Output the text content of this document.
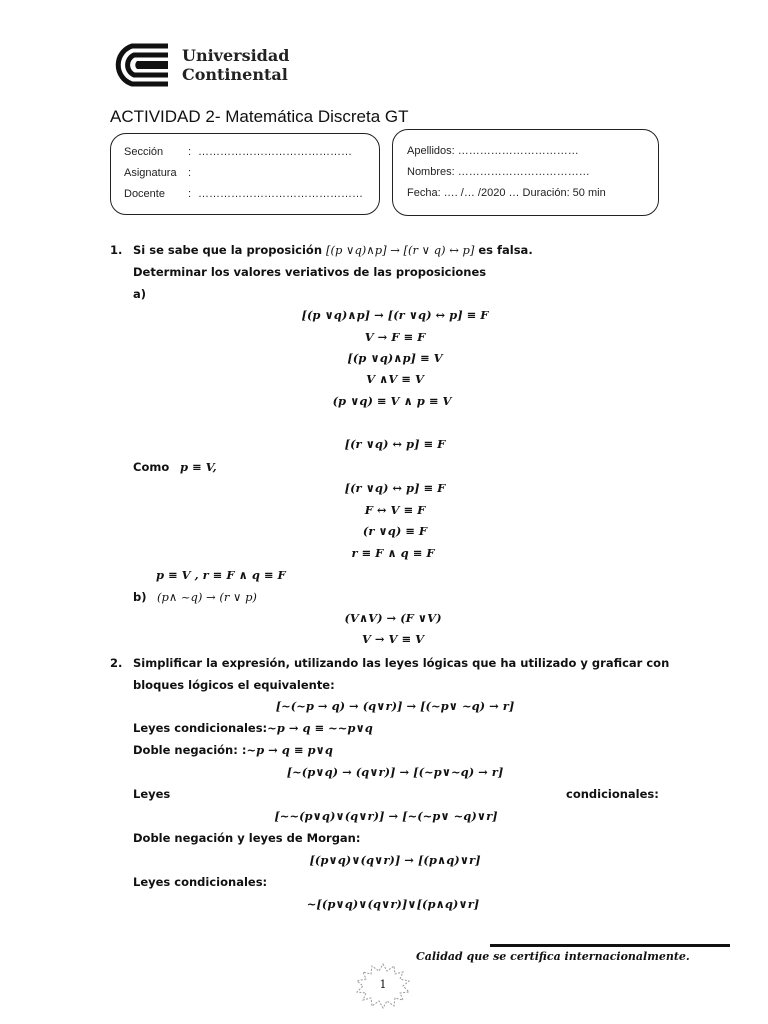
Universidad
Continental
ACTIVIDAD 2- Matemática Discreta GT
Sección : ……………………………………
Asignatura :
Docente : ………………………………………
Apellidos: ……………………………
Nombres: ………………………………
Fecha: …. /… /2020 … Duración: 50 min
1. Si se sabe que la proposición [(p ∨q)∧p] → [(r ∨ q) ↔ p] es falsa.
Determinar los valores veriativos de las proposiciones
a)
[(p ∨q)∧p] → [(r ∨q) ↔ p] ≡ F
V → F ≡ F
[(p ∨q)∧p] ≡ V
V ∧V ≡ V
(p ∨q) ≡ V ∧ p ≡ V
[(r ∨q) ↔ p] ≡ F
Como p ≡ V,
[(r ∨q) ↔ p] ≡ F
F ↔ V ≡ F
(r ∨q) ≡ F
r ≡ F ∧ q ≡ F
p ≡ V , r ≡ F ∧ q ≡ F
b) (p∧ ~q) → (r ∨ p)
(V∧V) → (F ∨V)
V → V ≡ V
2. Simplificar la expresión, utilizando las leyes lógicas que ha utilizado y graficar con
bloques lógicos el equivalente:
[~(~p → q) → (q∨r)] → [(~p∨ ~q) → r]
Leyes condicionales:~p → q ≡ ~~p∨q
Doble negación: :~p → q ≡ p∨q
[~(p∨q) → (q∨r)] → [(~p∨~q) → r]
Leyes	condicionales:
[~~(p∨q)∨(q∨r)] → [~(~p∨ ~q)∨r]
Doble negación y leyes de Morgan:
[(p∨q)∨(q∨r)] → [(p∧q)∨r]
Leyes condicionales:
~[(p∨q)∨(q∨r)]∨[(p∧q)∨r]
Calidad que se certifica internacionalmente.
1
